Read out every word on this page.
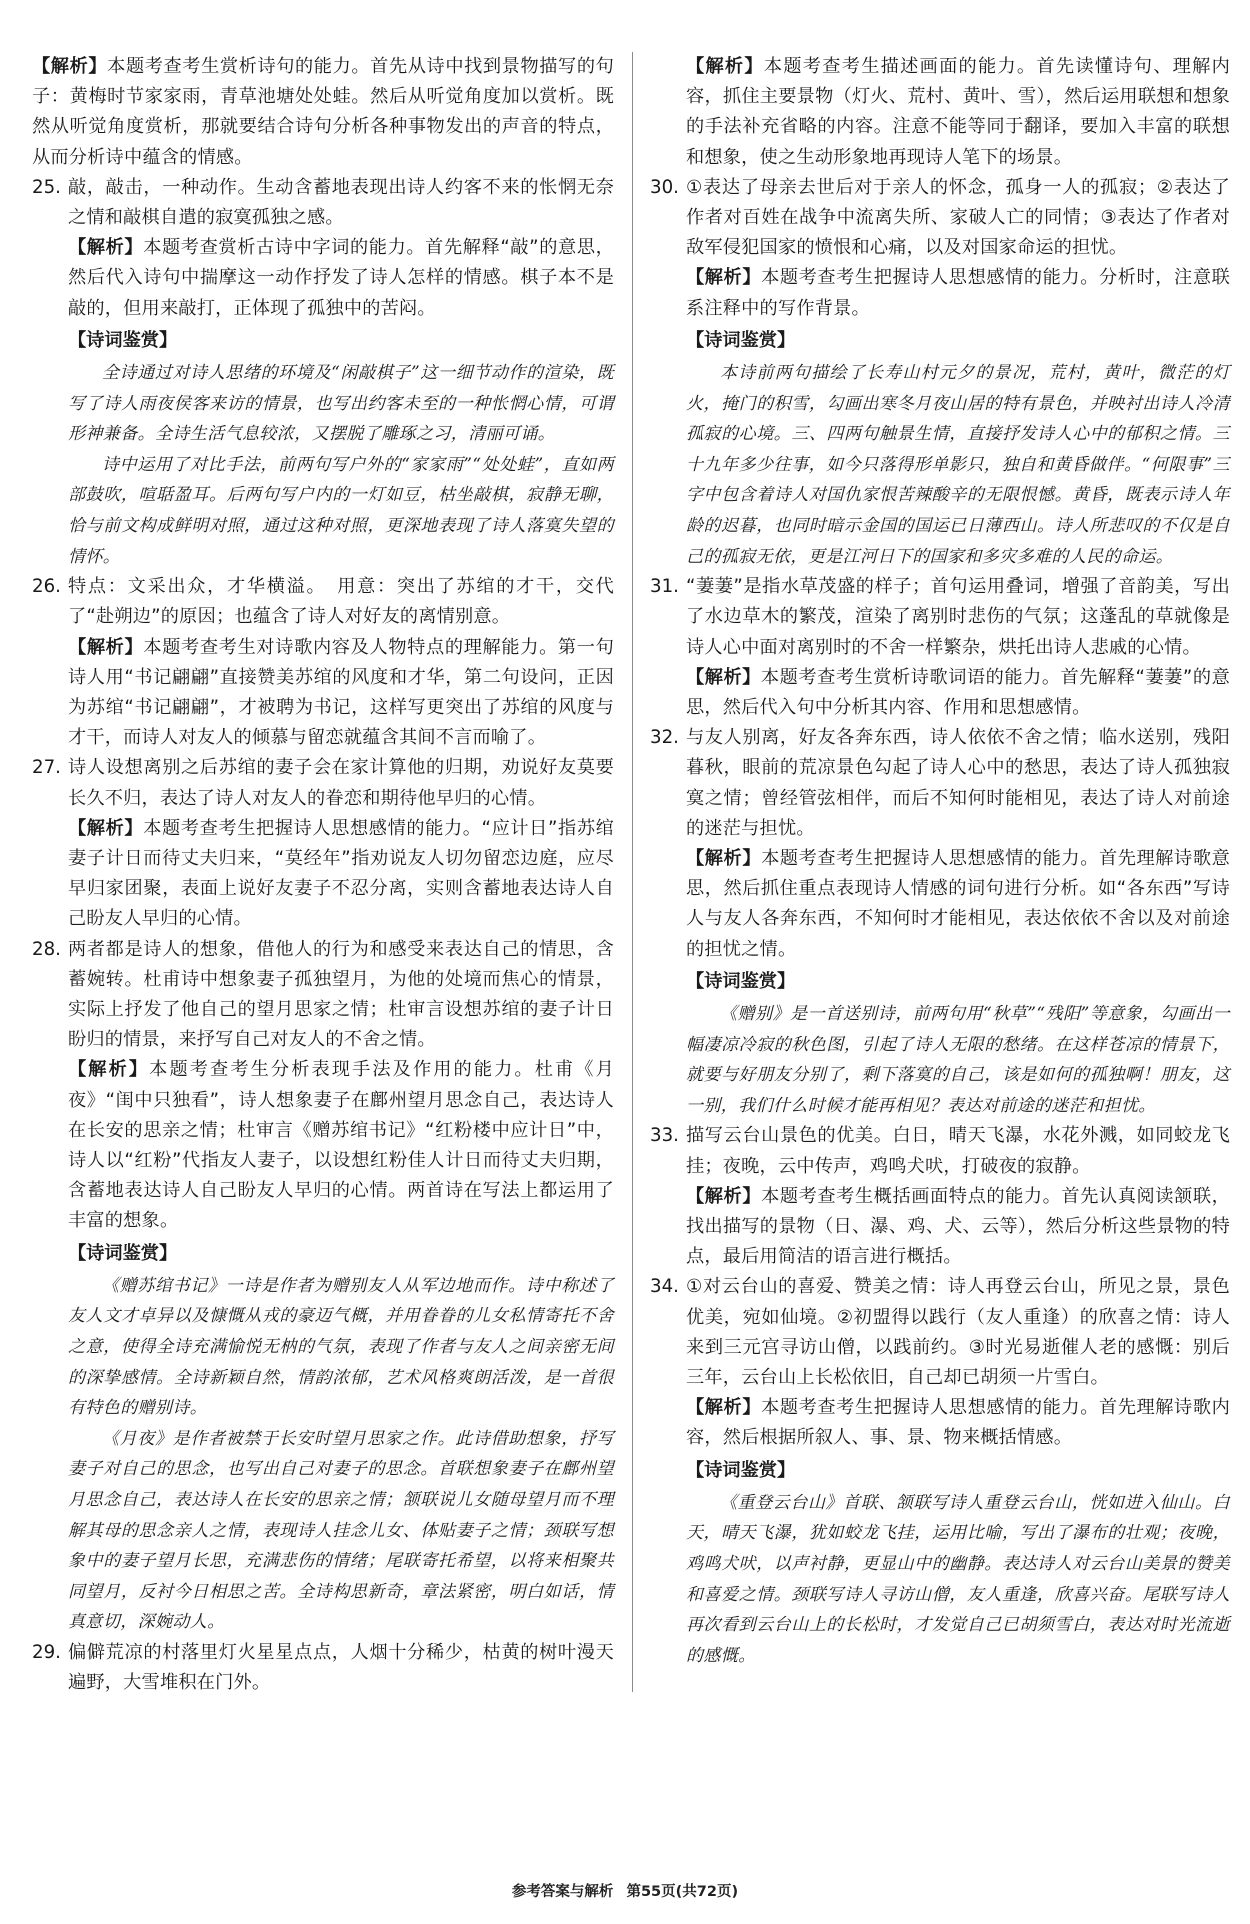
【解析】本题考查考生赏析诗句的能力。首先从诗中找到景物描写的句子：黄梅时节家家雨，青草池塘处处蛙。然后从听觉角度加以赏析。既然从听觉角度赏析，那就要结合诗句分析各种事物发出的声音的特点，从而分析诗中蕴含的情感。

25. 敲，敲击，一种动作。生动含蓄地表现出诗人约客不来的怅惘无奈之情和敲棋自遣的寂寞孤独之感。

【解析】本题考查赏析古诗中字词的能力。首先解释“敲”的意思，然后代入诗句中揣摩这一动作抒发了诗人怎样的情感。棋子本不是敲的，但用来敲打，正体现了孤独中的苦闷。

【诗词鉴赏】

全诗通过对诗人思绪的环境及“闲敲棋子”这一细节动作的渲染，既写了诗人雨夜侯客来访的情景，也写出约客未至的一种怅惘心情，可谓形神兼备。全诗生活气息较浓，又摆脱了雕琢之习，清丽可诵。

诗中运用了对比手法，前两句写户外的“家家雨”“处处蛙”，直如两部鼓吹，喧聒盈耳。后两句写户内的一灯如豆，枯坐敲棋，寂静无聊，恰与前文构成鲜明对照，通过这种对照，更深地表现了诗人落寞失望的情怀。

26. 特点：文采出众，才华横溢。　用意：突出了苏绾的才干，交代了“赴朔边”的原因；也蕴含了诗人对好友的离情别意。

【解析】本题考查考生对诗歌内容及人物特点的理解能力。第一句诗人用“书记翩翩”直接赞美苏绾的风度和才华，第二句设问，正因为苏绾“书记翩翩”，才被聘为书记，这样写更突出了苏绾的风度与才干，而诗人对友人的倾慕与留恋就蕴含其间不言而喻了。

27. 诗人设想离别之后苏绾的妻子会在家计算他的归期，劝说好友莫要长久不归，表达了诗人对友人的眷恋和期待他早归的心情。

【解析】本题考查考生把握诗人思想感情的能力。“应计日”指苏绾妻子计日而待丈夫归来，“莫经年”指劝说友人切勿留恋边庭，应尽早归家团聚，表面上说好友妻子不忍分离，实则含蓄地表达诗人自己盼友人早归的心情。

28. 两者都是诗人的想象，借他人的行为和感受来表达自己的情思，含蓄婉转。杜甫诗中想象妻子孤独望月，为他的处境而焦心的情景，实际上抒发了他自己的望月思家之情；杜审言设想苏绾的妻子计日盼归的情景，来抒写自己对友人的不舍之情。

【解析】本题考查考生分析表现手法及作用的能力。杜甫《月夜》“闺中只独看”，诗人想象妻子在鄜州望月思念自己，表达诗人在长安的思亲之情；杜审言《赠苏绾书记》“红粉楼中应计日”中，诗人以“红粉”代指友人妻子，以设想红粉佳人计日而待丈夫归期，含蓄地表达诗人自己盼友人早归的心情。两首诗在写法上都运用了丰富的想象。

【诗词鉴赏】

《赠苏绾书记》一诗是作者为赠别友人从军边地而作。诗中称述了友人文才卓异以及慷慨从戎的豪迈气概，并用眷眷的儿女私情寄托不舍之意，使得全诗充满愉悦无枘的气氛，表现了作者与友人之间亲密无间的深挚感情。全诗新颖自然，情韵浓郁，艺术风格爽朗活泼，是一首很有特色的赠别诗。

《月夜》是作者被禁于长安时望月思家之作。此诗借助想象，抒写妻子对自己的思念，也写出自己对妻子的思念。首联想象妻子在鄜州望月思念自己，表达诗人在长安的思亲之情；颔联说儿女随母望月而不理解其母的思念亲人之情，表现诗人挂念儿女、体贴妻子之情；颈联写想象中的妻子望月长思，充满悲伤的情绪；尾联寄托希望，以将来相聚共同望月，反衬今日相思之苦。全诗构思新奇，章法紧密，明白如话，情真意切，深婉动人。

29. 偏僻荒凉的村落里灯火星星点点，人烟十分稀少，枯黄的树叶漫天遍野，大雪堆积在门外。

【解析】本题考查考生描述画面的能力。首先读懂诗句、理解内容，抓住主要景物（灯火、荒村、黄叶、雪），然后运用联想和想象的手法补充省略的内容。注意不能等同于翻译，要加入丰富的联想和想象，使之生动形象地再现诗人笔下的场景。

30. ①表达了母亲去世后对于亲人的怀念，孤身一人的孤寂；②表达了作者对百姓在战争中流离失所、家破人亡的同情；③表达了作者对敌军侵犯国家的愤恨和心痛，以及对国家命运的担忧。

【解析】本题考查考生把握诗人思想感情的能力。分析时，注意联系注释中的写作背景。

【诗词鉴赏】

本诗前两句描绘了长寿山村元夕的景况，荒村，黄叶，微茫的灯火，掩门的积雪，勾画出寒冬月夜山居的特有景色，并映衬出诗人冷清孤寂的心境。三、四两句触景生情，直接抒发诗人心中的郁积之情。三十九年多少往事，如今只落得形单影只，独自和黄昏做伴。“何限事”三字中包含着诗人对国仇家恨苦辣酸辛的无限恨憾。黄昏，既表示诗人年龄的迟暮，也同时暗示金国的国运已日薄西山。诗人所悲叹的不仅是自己的孤寂无依，更是江河日下的国家和多灾多难的人民的命运。

31. “萋萋”是指水草茂盛的样子；首句运用叠词，增强了音韵美，写出了水边草木的繁茂，渲染了离别时悲伤的气氛；这蓬乱的草就像是诗人心中面对离别时的不舍一样繁杂，烘托出诗人悲戚的心情。

【解析】本题考查考生赏析诗歌词语的能力。首先解释“萋萋”的意思，然后代入句中分析其内容、作用和思想感情。

32. 与友人别离，好友各奔东西，诗人依依不舍之情；临水送别，残阳暮秋，眼前的荒凉景色勾起了诗人心中的愁思，表达了诗人孤独寂寞之情；曾经管弦相伴，而后不知何时能相见，表达了诗人对前途的迷茫与担忧。

【解析】本题考查考生把握诗人思想感情的能力。首先理解诗歌意思，然后抓住重点表现诗人情感的词句进行分析。如“各东西”写诗人与友人各奔东西，不知何时才能相见，表达依依不舍以及对前途的担忧之情。

【诗词鉴赏】

《赠别》是一首送别诗，前两句用“秋草”“残阳”等意象，勾画出一幅凄凉冷寂的秋色图，引起了诗人无限的愁绪。在这样苍凉的情景下，就要与好朋友分别了，剩下落寞的自己，该是如何的孤独啊！朋友，这一别，我们什么时候才能再相见？表达对前途的迷茫和担忧。

33. 描写云台山景色的优美。白日，晴天飞瀑，水花外溅，如同蛟龙飞挂；夜晚，云中传声，鸡鸣犬吠，打破夜的寂静。

【解析】本题考查考生概括画面特点的能力。首先认真阅读颔联，找出描写的景物（日、瀑、鸡、犬、云等），然后分析这些景物的特点，最后用简洁的语言进行概括。

34. ①对云台山的喜爱、赞美之情：诗人再登云台山，所见之景，景色优美，宛如仙境。②初盟得以践行（友人重逢）的欣喜之情：诗人来到三元宫寻访山僧，以践前约。③时光易逝催人老的感慨：别后三年，云台山上长松依旧，自己却已胡须一片雪白。

【解析】本题考查考生把握诗人思想感情的能力。首先理解诗歌内容，然后根据所叙人、事、景、物来概括情感。

【诗词鉴赏】

《重登云台山》首联、颔联写诗人重登云台山，恍如进入仙山。白天，晴天飞瀑，犹如蛟龙飞挂，运用比喻，写出了瀑布的壮观；夜晚，鸡鸣犬吠，以声衬静，更显山中的幽静。表达诗人对云台山美景的赞美和喜爱之情。颈联写诗人寻访山僧，友人重逢，欣喜兴奋。尾联写诗人再次看到云台山上的长松时，才发觉自己已胡须雪白，表达对时光流逝的感慨。

参考答案与解析 第55页(共72页)
